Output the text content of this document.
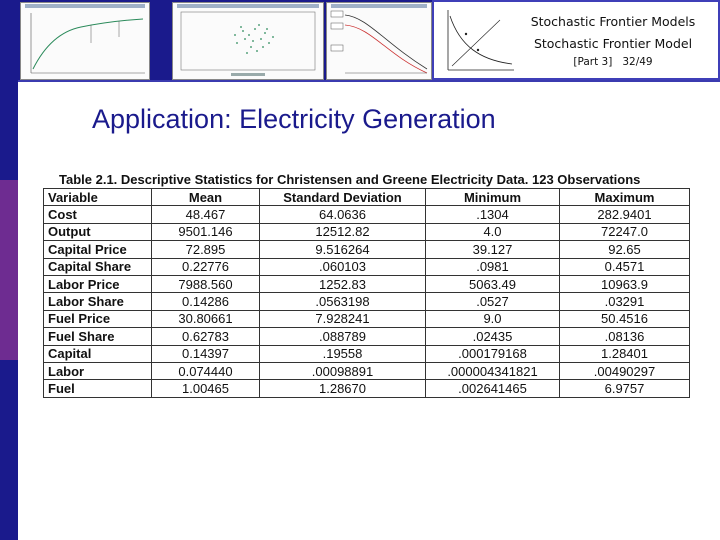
Stochastic Frontier Models
Stochastic Frontier Model
[Part 3] 32/49
Application: Electricity Generation
Table 2.1. Descriptive Statistics for Christensen and Greene Electricity Data. 123 Observations
Variable	Mean	Standard Deviation	Minimum	Maximum
Cost	48.467	64.0636	.1304	282.9401
Output	9501.146	12512.82	4.0	72247.0
Capital Price	72.895	9.516264	39.127	92.65
Capital Share	0.22776	.060103	.0981	0.4571
Labor Price	7988.560	1252.83	5063.49	10963.9
Labor Share	0.14286	.0563198	.0527	.03291
Fuel Price	30.80661	7.928241	9.0	50.4516
Fuel Share	0.62783	.088789	.02435	.08136
Capital	0.14397	.19558	.000179168	1.28401
Labor	0.074440	.00098891	.000004341821	.00490297
Fuel	1.00465	1.28670	.002641465	6.9757
